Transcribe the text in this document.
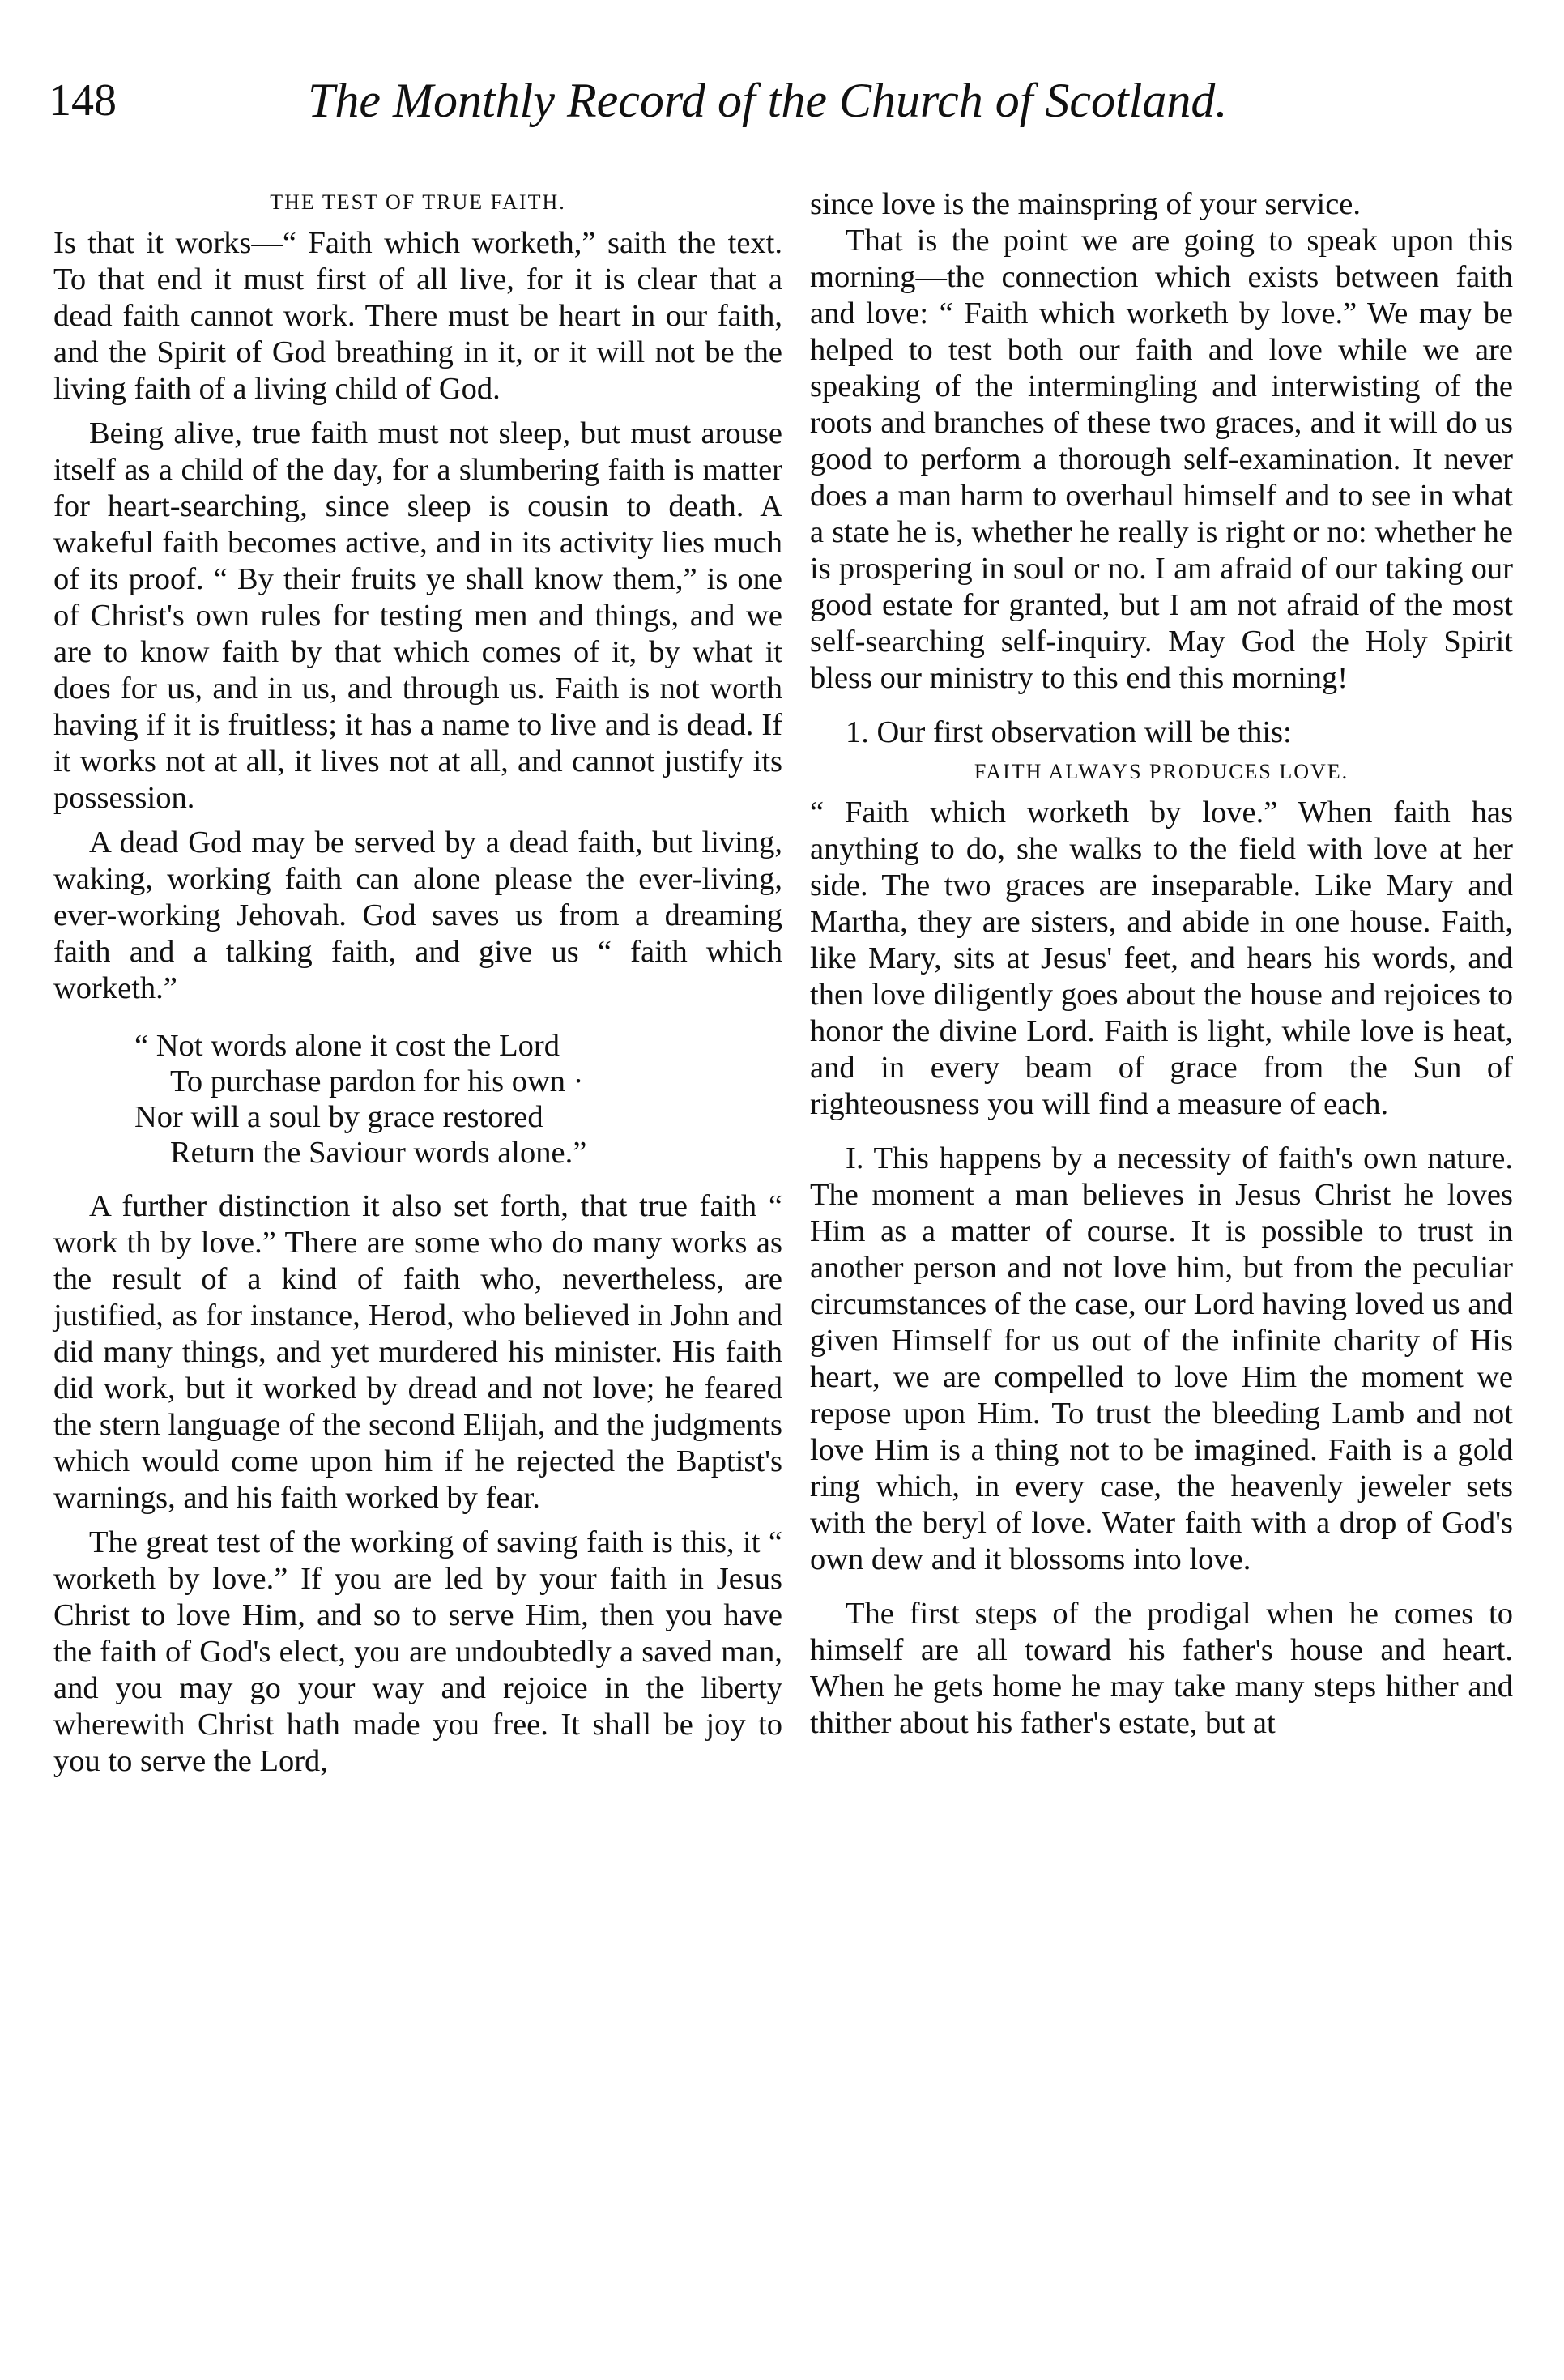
148	The Monthly Record of the Church of Scotland.

THE TEST OF TRUE FAITH.

Is that it works—“ Faith which worketh,” saith the text. To that end it must first of all live, for it is clear that a dead faith cannot work. There must be heart in our faith, and the Spirit of God breathing in it, or it will not be the living faith of a living child of God.

Being alive, true faith must not sleep, but must arouse itself as a child of the day, for a slumbering faith is matter for heart-searching, since sleep is cousin to death. A wakeful faith becomes active, and in its activity lies much of its proof. “ By their fruits ye shall know them,” is one of Christ's own rules for testing men and things, and we are to know faith by that which comes of it, by what it does for us, and in us, and through us. Faith is not worth having if it is fruitless; it has a name to live and is dead. If it works not at all, it lives not at all, and cannot justify its possession.

A dead God may be served by a dead faith, but living, waking, working faith can alone please the ever-living, ever-working Jehovah. God saves us from a dreaming faith and a talking faith, and give us “ faith which worketh.”

“ Not words alone it cost the Lord
To purchase pardon for his own ·
Nor will a soul by grace restored
Return the Saviour words alone.”

A further distinction it also set forth, that true faith “ work th by love.” There are some who do many works as the result of a kind of faith who, nevertheless, are justified, as for instance, Herod, who believed in John and did many things, and yet murdered his minister. His faith did work, but it worked by dread and not love; he feared the stern language of the second Elijah, and the judgments which would come upon him if he rejected the Baptist's warnings, and his faith worked by fear.

The great test of the working of saving faith is this, it “ worketh by love.” If you are led by your faith in Jesus Christ to love Him, and so to serve Him, then you have the faith of God's elect, you are undoubtedly a saved man, and you may go your way and rejoice in the liberty wherewith Christ hath made you free. It shall be joy to you to serve the Lord,

since love is the mainspring of your service.

That is the point we are going to speak upon this morning—the connection which exists between faith and love: “ Faith which worketh by love.” We may be helped to test both our faith and love while we are speaking of the intermingling and interwisting of the roots and branches of these two graces, and it will do us good to perform a thorough self-examination. It never does a man harm to overhaul himself and to see in what a state he is, whether he really is right or no: whether he is prospering in soul or no. I am afraid of our taking our good estate for granted, but I am not afraid of the most self-searching self-inquiry. May God the Holy Spirit bless our ministry to this end this morning!

1. Our first observation will be this:

FAITH ALWAYS PRODUCES LOVE.

“ Faith which worketh by love.” When faith has anything to do, she walks to the field with love at her side. The two graces are inseparable. Like Mary and Martha, they are sisters, and abide in one house. Faith, like Mary, sits at Jesus' feet, and hears his words, and then love diligently goes about the house and rejoices to honor the divine Lord. Faith is light, while love is heat, and in every beam of grace from the Sun of righteousness you will find a measure of each.

I. This happens by a necessity of faith's own nature. The moment a man believes in Jesus Christ he loves Him as a matter of course. It is possible to trust in another person and not love him, but from the peculiar circumstances of the case, our Lord having loved us and given Himself for us out of the infinite charity of His heart, we are compelled to love Him the moment we repose upon Him. To trust the bleeding Lamb and not love Him is a thing not to be imagined. Faith is a gold ring which, in every case, the heavenly jeweler sets with the beryl of love. Water faith with a drop of God's own dew and it blossoms into love.

The first steps of the prodigal when he comes to himself are all toward his father's house and heart. When he gets home he may take many steps hither and thither about his father's estate, but at
